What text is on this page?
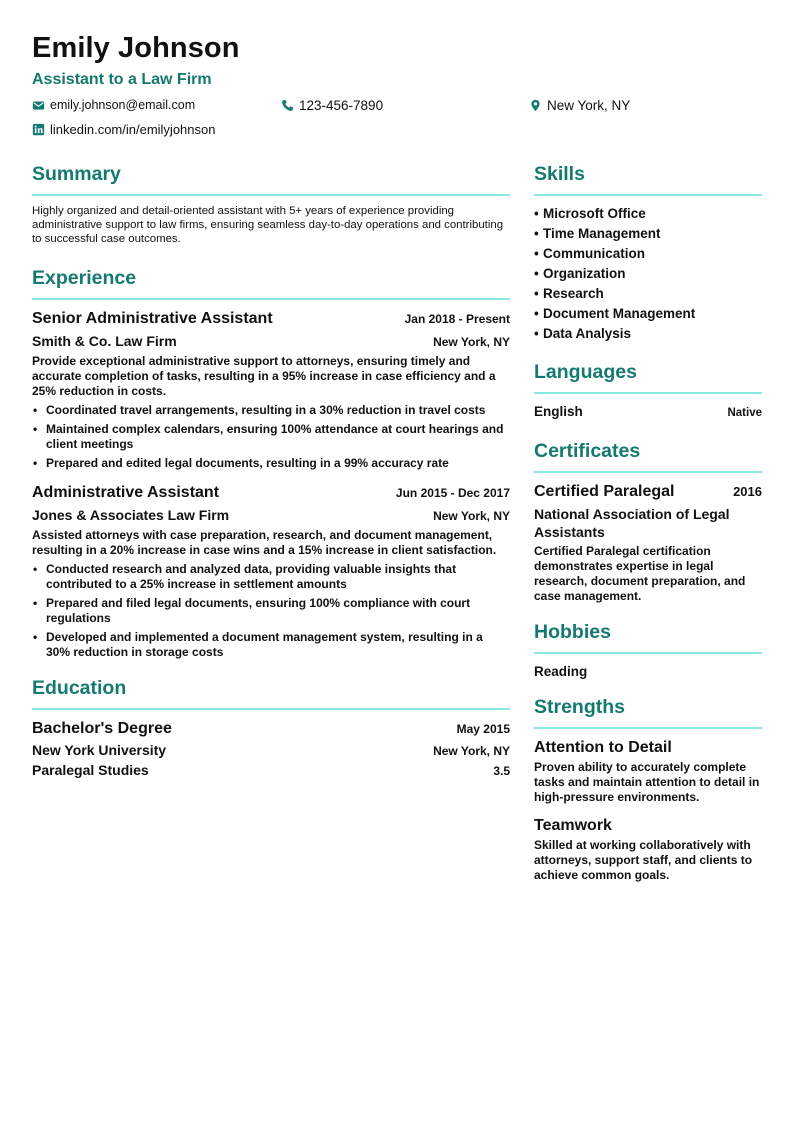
Emily Johnson
Assistant to a Law Firm
emily.johnson@email.com	123-456-7890	New York, NY
linkedin.com/in/emilyjohnson
Summary
Highly organized and detail-oriented assistant with 5+ years of experience providing administrative support to law firms, ensuring seamless day-to-day operations and contributing to successful case outcomes.
Experience
Senior Administrative Assistant	Jan 2018 - Present
Smith & Co. Law Firm	New York, NY
Provide exceptional administrative support to attorneys, ensuring timely and accurate completion of tasks, resulting in a 95% increase in case efficiency and a 25% reduction in costs.
• Coordinated travel arrangements, resulting in a 30% reduction in travel costs
• Maintained complex calendars, ensuring 100% attendance at court hearings and client meetings
• Prepared and edited legal documents, resulting in a 99% accuracy rate
Administrative Assistant	Jun 2015 - Dec 2017
Jones & Associates Law Firm	New York, NY
Assisted attorneys with case preparation, research, and document management, resulting in a 20% increase in case wins and a 15% increase in client satisfaction.
• Conducted research and analyzed data, providing valuable insights that contributed to a 25% increase in settlement amounts
• Prepared and filed legal documents, ensuring 100% compliance with court regulations
• Developed and implemented a document management system, resulting in a 30% reduction in storage costs
Education
Bachelor's Degree	May 2015
New York University	New York, NY
Paralegal Studies	3.5
Skills
• Microsoft Office
• Time Management
• Communication
• Organization
• Research
• Document Management
• Data Analysis
Languages
English	Native
Certificates
Certified Paralegal	2016
National Association of Legal Assistants
Certified Paralegal certification demonstrates expertise in legal research, document preparation, and case management.
Hobbies
Reading
Strengths
Attention to Detail
Proven ability to accurately complete tasks and maintain attention to detail in high-pressure environments.
Teamwork
Skilled at working collaboratively with attorneys, support staff, and clients to achieve common goals.
